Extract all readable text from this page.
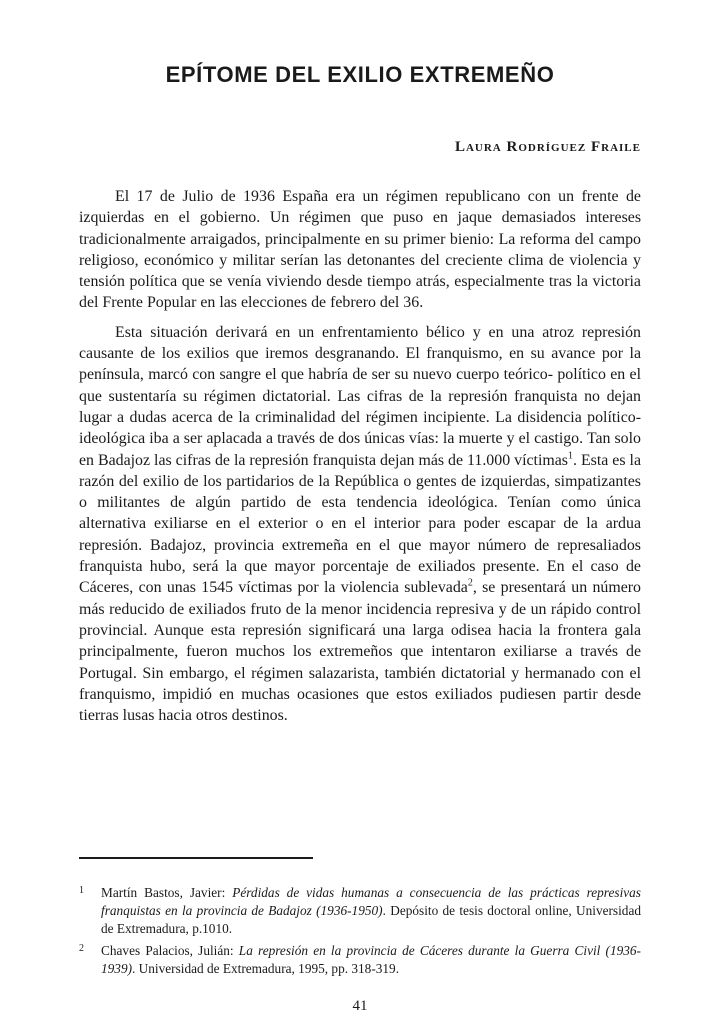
EPÍTOME DEL EXILIO EXTREMEÑO
Laura Rodríguez Fraile

El 17 de Julio de 1936 España era un régimen republicano con un frente de izquierdas en el gobierno. Un régimen que puso en jaque demasiados intereses tradicionalmente arraigados, principalmente en su primer bienio: La reforma del campo religioso, económico y militar serían las detonantes del creciente clima de violencia y tensión política que se venía viviendo desde tiempo atrás, especialmente tras la victoria del Frente Popular en las elecciones de febrero del 36.

Esta situación derivará en un enfrentamiento bélico y en una atroz represión causante de los exilios que iremos desgranando. El franquismo, en su avance por la península, marcó con sangre el que habría de ser su nuevo cuerpo teórico- político en el que sustentaría su régimen dictatorial. Las cifras de la represión franquista no dejan lugar a dudas acerca de la criminalidad del régimen incipiente. La disidencia político-ideológica iba a ser aplacada a través de dos únicas vías: la muerte y el castigo. Tan solo en Badajoz las cifras de la represión franquista dejan más de 11.000 víctimas$^1$. Esta es la razón del exilio de los partidarios de la República o gentes de izquierdas, simpatizantes o militantes de algún partido de esta tendencia ideológica. Tenían como única alternativa exiliarse en el exterior o en el interior para poder escapar de la ardua represión. Badajoz, provincia extremeña en el que mayor número de represaliados franquista hubo, será la que mayor porcentaje de exiliados presente. En el caso de Cáceres, con unas 1545 víctimas por la violencia sublevada$^2$, se presentará un número más reducido de exiliados fruto de la menor incidencia represiva y de un rápido control provincial. Aunque esta represión significará una larga odisea hacia la frontera gala principalmente, fueron muchos los extremeños que intentaron exiliarse a través de Portugal. Sin embargo, el régimen salazarista, también dictatorial y hermanado con el franquismo, impidió en muchas ocasiones que estos exiliados pudiesen partir desde tierras lusas hacia otros destinos.

1	Martín Bastos, Javier: Pérdidas de vidas humanas a consecuencia de las prácticas represivas franquistas en la provincia de Badajoz (1936-1950). Depósito de tesis doctoral online, Universidad de Extremadura, p.1010.
2	Chaves Palacios, Julián: La represión en la provincia de Cáceres durante la Guerra Civil (1936-1939). Universidad de Extremadura, 1995, pp. 318-319.
41
